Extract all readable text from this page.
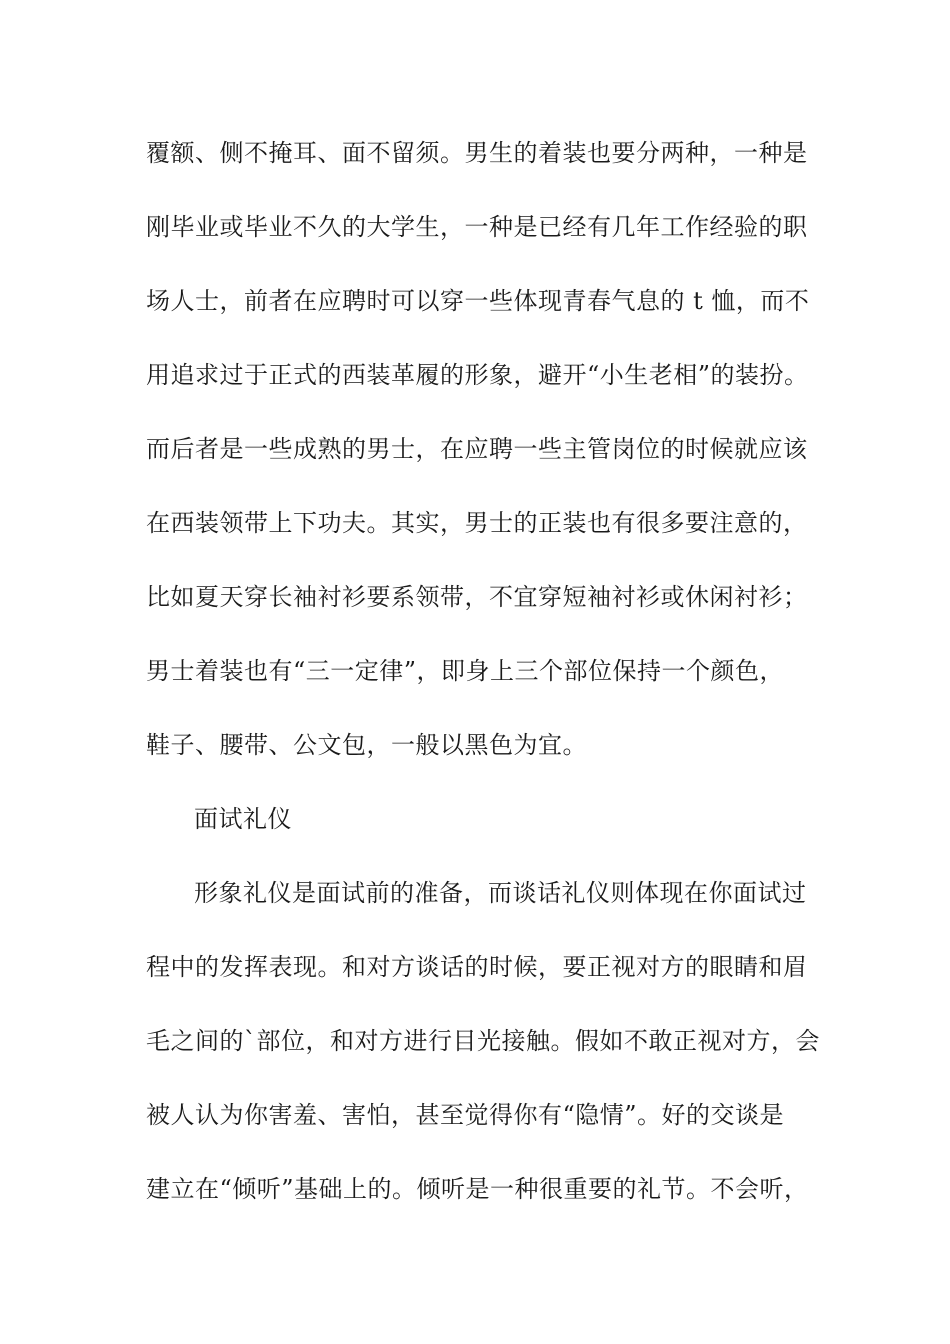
覆额、侧不掩耳、面不留须。男生的着装也要分两种，一种是
刚毕业或毕业不久的大学生，一种是已经有几年工作经验的职
场人士，前者在应聘时可以穿一些体现青春气息的 t 恤，而不
用追求过于正式的西装革履的形象，避开“小生老相”的装扮。
而后者是一些成熟的男士，在应聘一些主管岗位的时候就应该
在西装领带上下功夫。其实，男士的正装也有很多要注意的，
比如夏天穿长袖衬衫要系领带，不宜穿短袖衬衫或休闲衬衫；
男士着装也有“三一定律”，即身上三个部位保持一个颜色，
鞋子、腰带、公文包，一般以黑色为宜。
面试礼仪
形象礼仪是面试前的准备，而谈话礼仪则体现在你面试过
程中的发挥表现。和对方谈话的时候，要正视对方的眼睛和眉
毛之间的`部位，和对方进行目光接触。假如不敢正视对方，会
被人认为你害羞、害怕，甚至觉得你有“隐情”。好的交谈是
建立在“倾听”基础上的。倾听是一种很重要的礼节。不会听，
